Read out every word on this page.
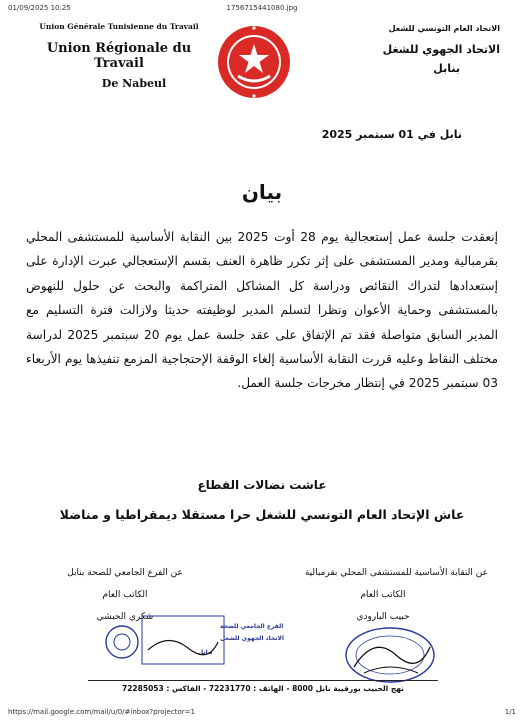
01/09/2025 10:25	1756715441080.jpg
Union Générale Tunisienne du Travail
Union Régionale du Travail
De Nabeul
الاتحاد العام التونسي للشغل
الاتحاد الجهوي للشغل
بنابل
نابل في 01 سبتمبر 2025
بيان
إنعقدت جلسة عمل إستعجالية يوم 28 أوت 2025 بين النقابة الأساسية للمستشفى المحلي بقرمبالية ومدير المستشفى على إثر تكرر ظاهرة العنف بقسم الإستعجالي عبرت الإدارة على إستعدادها لتدراك النقائص ودراسة كل المشاكل المتراكمة والبحث عن حلول للنهوض بالمستشفى وحماية الأعوان ونظرا لتسلم المدير لوظيفته حديثا ولازالت فترة التسليم مع المدير السابق متواصلة فقد تم الإتفاق على عقد جلسة عمل يوم 20 سبتمبر 2025 لدراسة مختلف النقاط وعليه قررت النقابة الأساسية إلغاء الوقفة الإحتجاجية المزمع تنفيذها يوم الأربعاء 03 سبتمبر 2025 في إنتظار مخرجات جلسة العمل.
عاشت نضالات القطاع
عاش الإتحاد العام التونسي للشغل حرا مستقلا ديمقراطيا و مناضلا
عن النقابة الأساسية للمستشفى المحلي بقرمبالية
الكاتب العام
حبيب البارودي
عن الفرع الجامعي للصحة بنابل
الكاتب العام
شكري الحبشي
الفرع الجامعي للصحة
الاتحاد الجهوي للشغل
بنابل
نهج الحبيب بورقيبة نابل 8000 - الهاتف : 72231770 - الفاكس : 72285053
https://mail.google.com/mail/u/0/#inbox?projector=1	1/1
